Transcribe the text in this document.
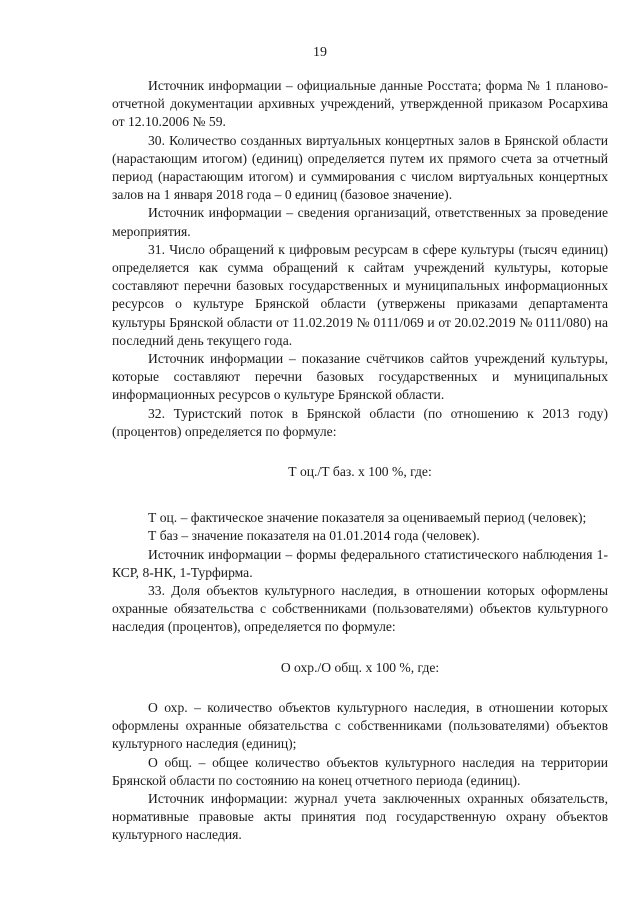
19

Источник информации – официальные данные Росстата; форма № 1 планово-отчетной документации архивных учреждений, утвержденной приказом Росархива от 12.10.2006 № 59.

30. Количество созданных виртуальных концертных залов в Брянской области (нарастающим итогом) (единиц) определяется путем их прямого счета за отчетный период (нарастающим итогом) и суммирования с числом виртуальных концертных залов на 1 января 2018 года – 0 единиц (базовое значение).

Источник информации – сведения организаций, ответственных за проведение мероприятия.

31. Число обращений к цифровым ресурсам в сфере культуры (тысяч единиц) определяется как сумма обращений к сайтам учреждений культуры, которые составляют перечни базовых государственных и муниципальных информационных ресурсов о культуре Брянской области (утвержены приказами департамента культуры Брянской области от 11.02.2019 № 0111/069 и от 20.02.2019 № 0111/080) на последний день текущего года.

Источник информации – показание счётчиков сайтов учреждений культуры, которые составляют перечни базовых государственных и муниципальных информационных ресурсов о культуре Брянской области.

32. Туристский поток в Брянской области (по отношению к 2013 году) (процентов) определяется по формуле:

Т оц./Т баз. х 100 %, где:

Т оц. – фактическое значение показателя за оцениваемый период (человек);

Т баз – значение показателя на 01.01.2014 года (человек).

Источник информации – формы федерального статистического наблюдения 1-КСР, 8-НК, 1-Турфирма.

33. Доля объектов культурного наследия, в отношении которых оформлены охранные обязательства с собственниками (пользователями) объектов культурного наследия (процентов), определяется по формуле:

О охр./О общ. х 100 %, где:

О охр. – количество объектов культурного наследия, в отношении которых оформлены охранные обязательства с собственниками (пользователями) объектов культурного наследия (единиц);

О общ. – общее количество объектов культурного наследия на территории Брянской области по состоянию на конец отчетного периода (единиц).

Источник информации: журнал учета заключенных охранных обязательств, нормативные правовые акты принятия под государственную охрану объектов культурного наследия.
